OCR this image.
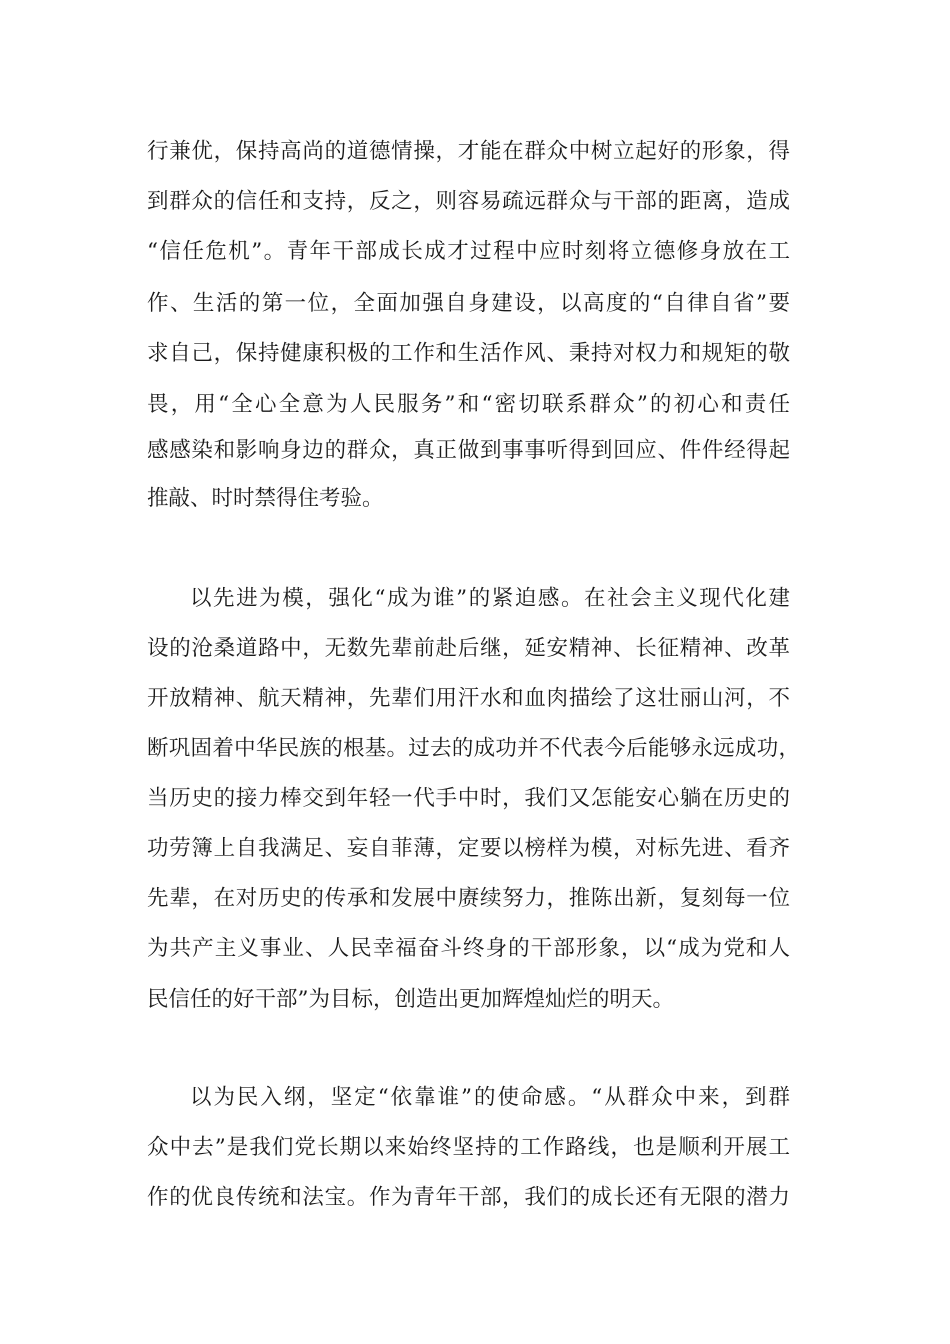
行兼优，保持高尚的道德情操，才能在群众中树立起好的形象，得
到群众的信任和支持，反之，则容易疏远群众与干部的距离，造成
“信任危机”。青年干部成长成才过程中应时刻将立德修身放在工
作、生活的第一位，全面加强自身建设，以高度的“自律自省”要
求自己，保持健康积极的工作和生活作风、秉持对权力和规矩的敬
畏，用“全心全意为人民服务”和“密切联系群众”的初心和责任
感感染和影响身边的群众，真正做到事事听得到回应、件件经得起
推敲、时时禁得住考验。
以先进为模，强化“成为谁”的紧迫感。在社会主义现代化建
设的沧桑道路中，无数先辈前赴后继，延安精神、长征精神、改革
开放精神、航天精神，先辈们用汗水和血肉描绘了这壮丽山河，不
断巩固着中华民族的根基。过去的成功并不代表今后能够永远成功，
当历史的接力棒交到年轻一代手中时，我们又怎能安心躺在历史的
功劳簿上自我满足、妄自菲薄，定要以榜样为模，对标先进、看齐
先辈，在对历史的传承和发展中赓续努力，推陈出新，复刻每一位
为共产主义事业、人民幸福奋斗终身的干部形象，以“成为党和人
民信任的好干部”为目标，创造出更加辉煌灿烂的明天。
以为民入纲，坚定“依靠谁”的使命感。“从群众中来，到群
众中去”是我们党长期以来始终坚持的工作路线，也是顺利开展工
作的优良传统和法宝。作为青年干部，我们的成长还有无限的潜力
